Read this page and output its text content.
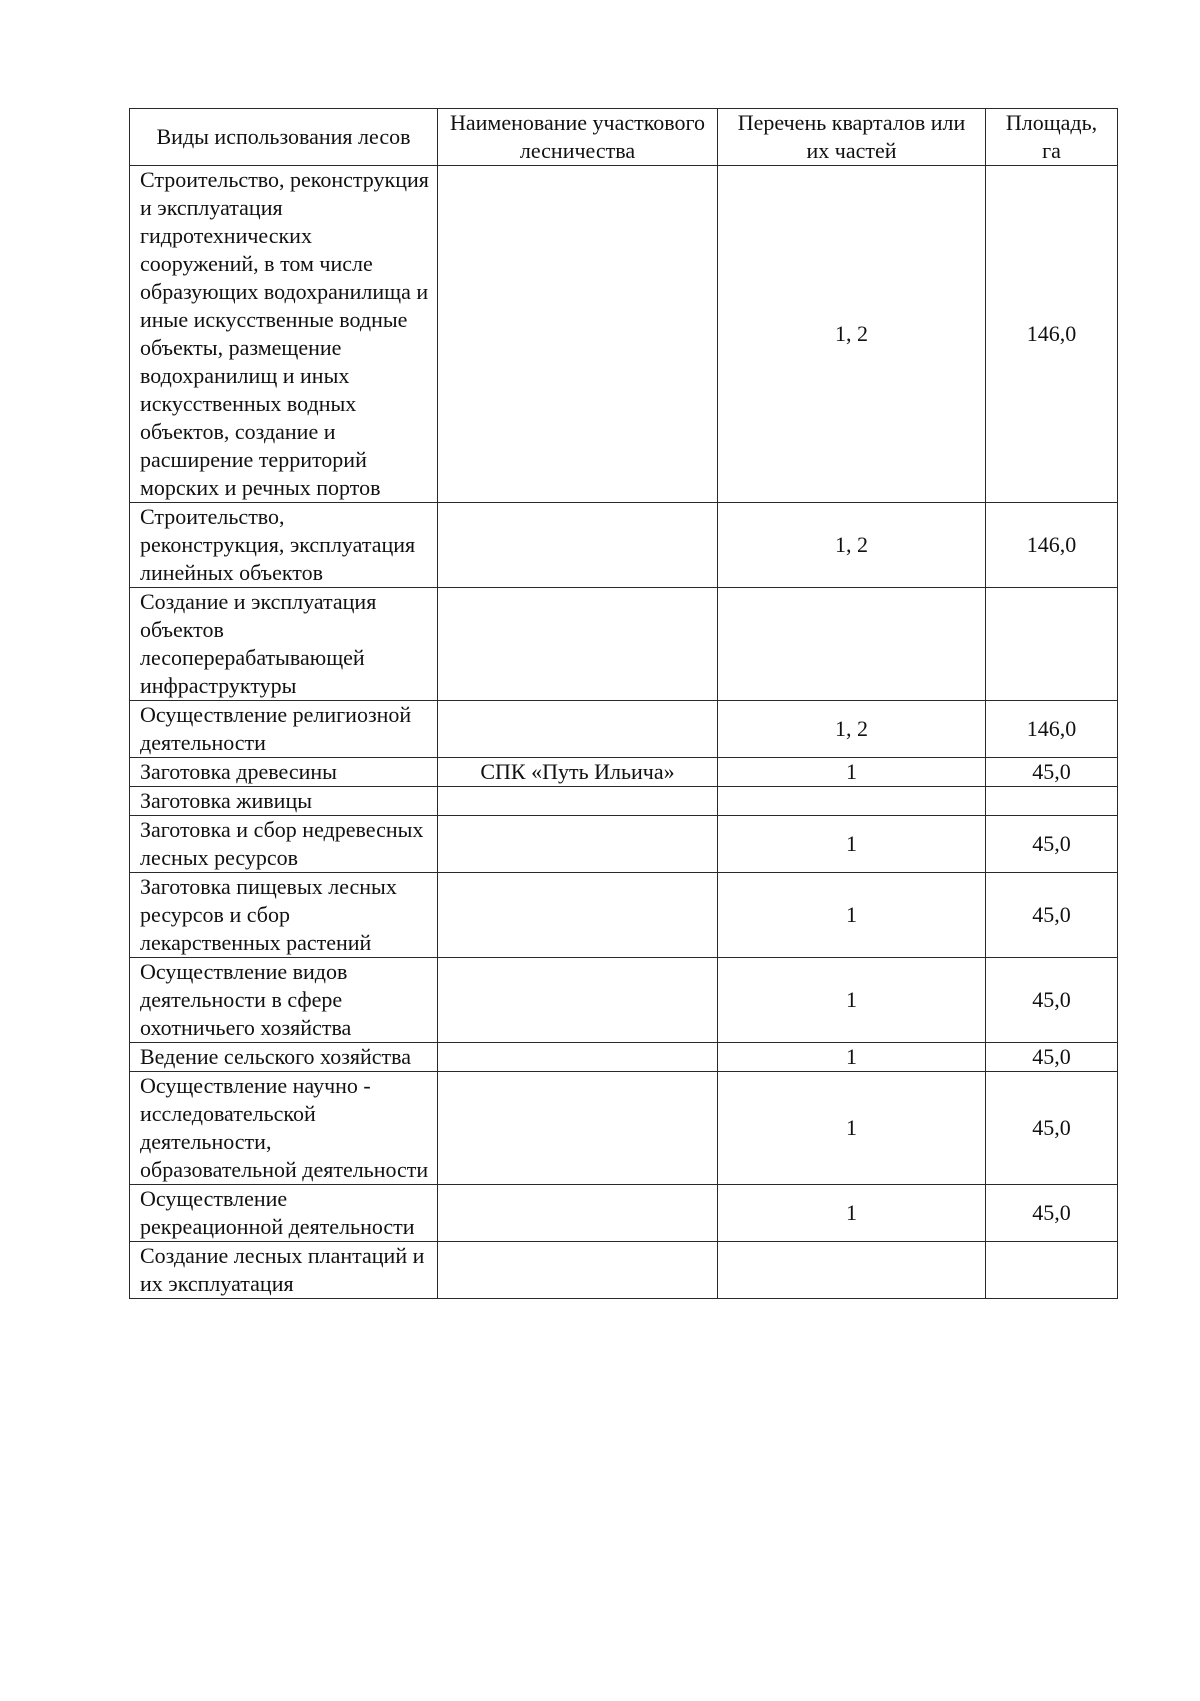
Виды использования лесов	Наименование участкового лесничества	Перечень кварталов или их частей	Площадь, га
Строительство, реконструкция и эксплуатация гидротехнических сооружений, в том числе образующих водохранилища и иные искусственные водные объекты, размещение водохранилищ и иных искусственных водных объектов, создание и расширение территорий морских и речных портов		1, 2	146,0
Строительство, реконструкция, эксплуатация линейных объектов		1, 2	146,0
Создание и эксплуатация объектов лесоперерабатывающей инфраструктуры			
Осуществление религиозной деятельности		1, 2	146,0
Заготовка древесины	СПК «Путь Ильича»	1	45,0
Заготовка живицы			
Заготовка и сбор недревесных лесных ресурсов		1	45,0
Заготовка пищевых лесных ресурсов и сбор лекарственных растений		1	45,0
Осуществление видов деятельности в сфере охотничьего хозяйства		1	45,0
Ведение сельского хозяйства		1	45,0
Осуществление научно - исследовательской деятельности, образовательной деятельности		1	45,0
Осуществление рекреационной деятельности		1	45,0
Создание лесных плантаций и их эксплуатация			
